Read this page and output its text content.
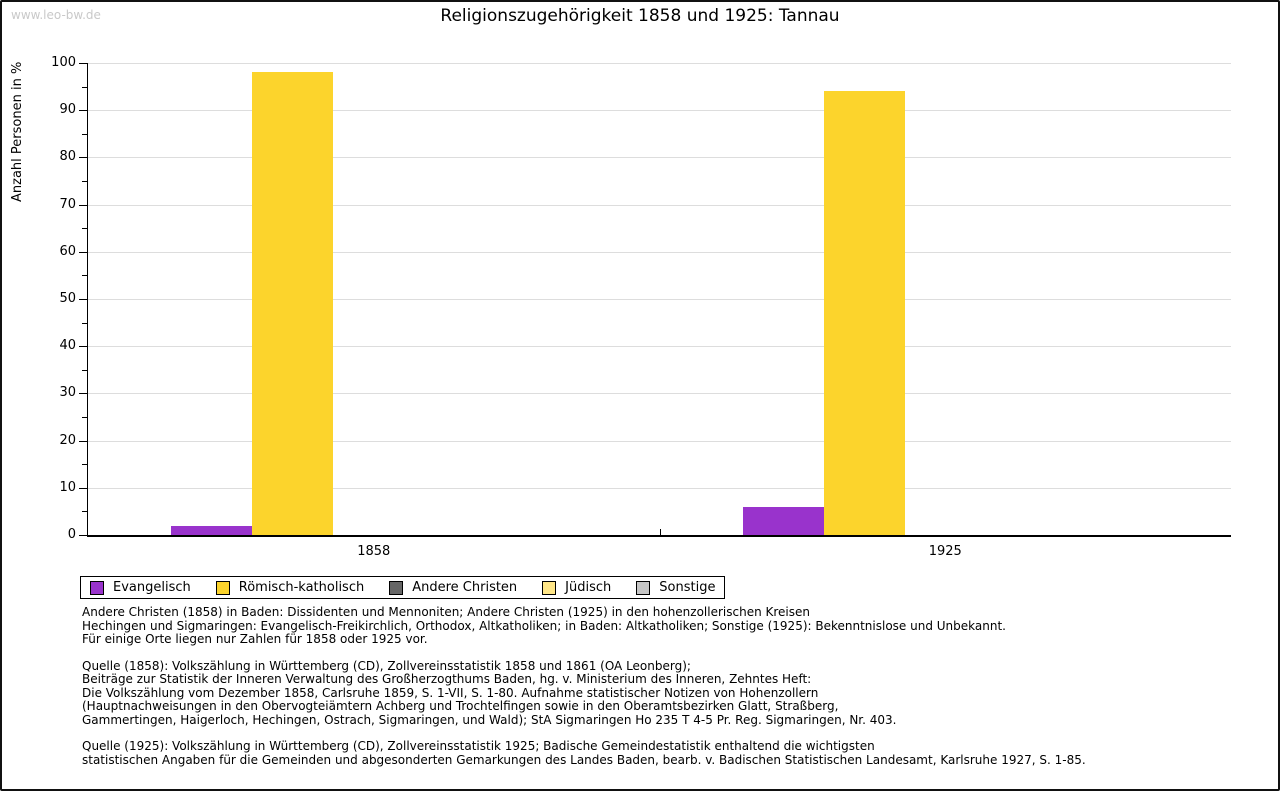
www.leo-bw.de	Religionszugehörigkeit 1858 und 1925: Tannau
Anzahl Personen in %
0
10
20
30
40
50
60
70
80
90
100
1858	1925
Evangelisch	Römisch-katholisch	Andere Christen	Jüdisch	Sonstige
Andere Christen (1858) in Baden: Dissidenten und Mennoniten; Andere Christen (1925) in den hohenzollerischen Kreisen
Hechingen und Sigmaringen: Evangelisch-Freikirchlich, Orthodox, Altkatholiken; in Baden: Altkatholiken; Sonstige (1925): Bekenntnislose und Unbekannt.
Für einige Orte liegen nur Zahlen für 1858 oder 1925 vor.
Quelle (1858): Volkszählung in Württemberg (CD), Zollvereinsstatistik 1858 und 1861 (OA Leonberg);
Beiträge zur Statistik der Inneren Verwaltung des Großherzogthums Baden, hg. v. Ministerium des Inneren, Zehntes Heft:
Die Volkszählung vom Dezember 1858, Carlsruhe 1859, S. 1-VII, S. 1-80. Aufnahme statistischer Notizen von Hohenzollern
(Hauptnachweisungen in den Obervogteiämtern Achberg und Trochtelfingen sowie in den Oberamtsbezirken Glatt, Straßberg,
Gammertingen, Haigerloch, Hechingen, Ostrach, Sigmaringen, und Wald); StA Sigmaringen Ho 235 T 4-5 Pr. Reg. Sigmaringen, Nr. 403.
Quelle (1925): Volkszählung in Württemberg (CD), Zollvereinsstatistik 1925; Badische Gemeindestatistik enthaltend die wichtigsten
statistischen Angaben für die Gemeinden und abgesonderten Gemarkungen des Landes Baden, bearb. v. Badischen Statistischen Landesamt, Karlsruhe 1927, S. 1-85.
